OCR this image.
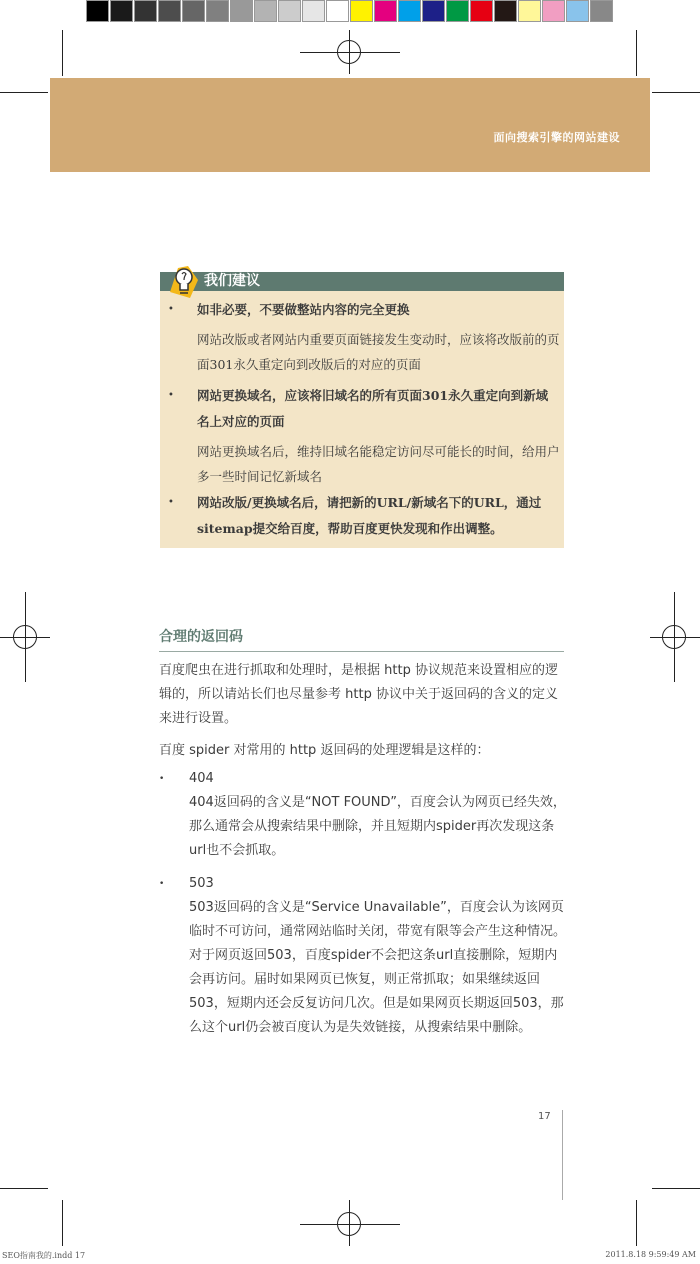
面向搜索引擎的网站建设
我们建议
• 如非必要，不要做整站内容的完全更换
网站改版或者网站内重要页面链接发生变动时，应该将改版前的页面301永久重定向到改版后的对应的页面
• 网站更换域名，应该将旧域名的所有页面301永久重定向到新域名上对应的页面
网站更换域名后，维持旧域名能稳定访问尽可能长的时间，给用户多一些时间记忆新域名
• 网站改版/更换域名后，请把新的URL/新域名下的URL，通过sitemap提交给百度，帮助百度更快发现和作出调整。
合理的返回码
百度爬虫在进行抓取和处理时，是根据 http 协议规范来设置相应的逻辑的，所以请站长们也尽量参考 http 协议中关于返回码的含义的定义来进行设置。
百度 spider 对常用的 http 返回码的处理逻辑是这样的：
• 404
404返回码的含义是“NOT FOUND”，百度会认为网页已经失效，那么通常会从搜索结果中删除，并且短期内spider再次发现这条url也不会抓取。
• 503
503返回码的含义是“Service Unavailable”，百度会认为该网页临时不可访问，通常网站临时关闭，带宽有限等会产生这种情况。对于网页返回503，百度spider不会把这条url直接删除，短期内会再访问。届时如果网页已恢复，则正常抓取；如果继续返回503，短期内还会反复访问几次。但是如果网页长期返回503，那么这个url仍会被百度认为是失效链接，从搜索结果中删除。
17
SEO指南我的.indd 17	2011.8.18 9:59:49 AM
